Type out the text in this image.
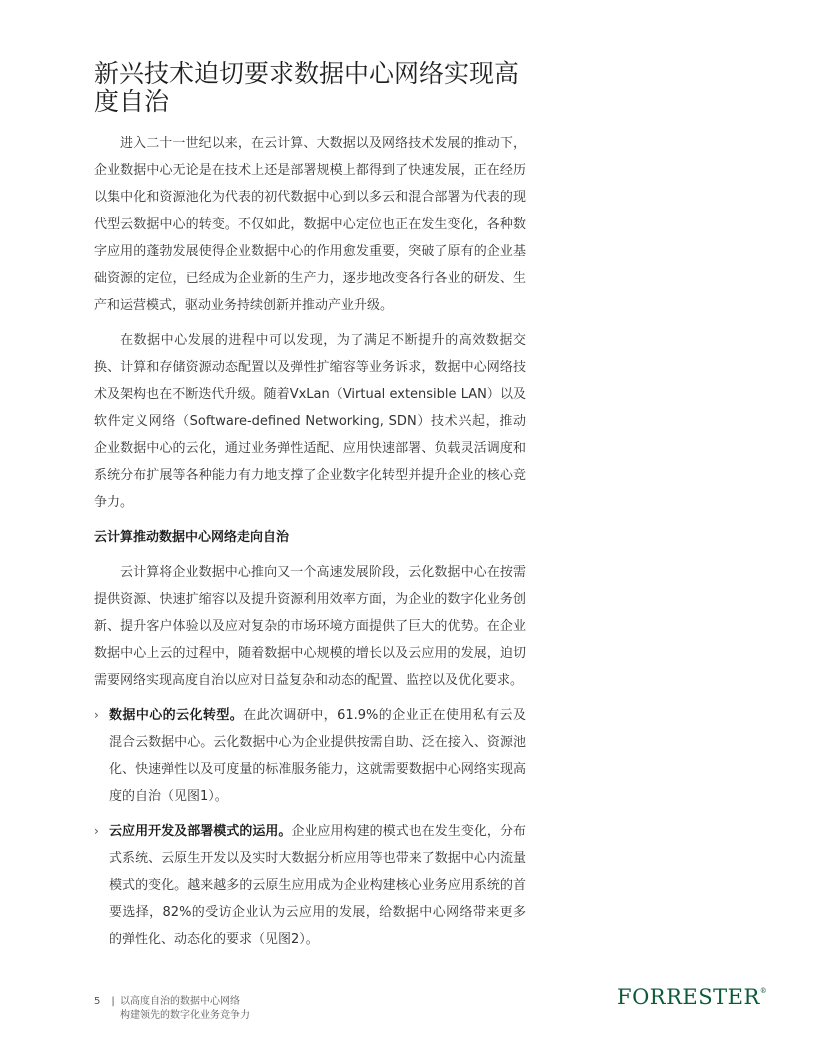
新兴技术迫切要求数据中心网络实现高度自治

进入二十一世纪以来，在云计算、大数据以及网络技术发展的推动下，企业数据中心无论是在技术上还是部署规模上都得到了快速发展，正在经历以集中化和资源池化为代表的初代数据中心到以多云和混合部署为代表的现代型云数据中心的转变。不仅如此，数据中心定位也正在发生变化，各种数字应用的蓬勃发展使得企业数据中心的作用愈发重要，突破了原有的企业基础资源的定位，已经成为企业新的生产力，逐步地改变各行各业的研发、生产和运营模式，驱动业务持续创新并推动产业升级。

在数据中心发展的进程中可以发现，为了满足不断提升的高效数据交换、计算和存储资源动态配置以及弹性扩缩容等业务诉求，数据中心网络技术及架构也在不断迭代升级。随着VxLan（Virtual extensible LAN）以及软件定义网络（Software-defined Networking, SDN）技术兴起，推动企业数据中心的云化，通过业务弹性适配、应用快速部署、负载灵活调度和系统分布扩展等各种能力有力地支撑了企业数字化转型并提升企业的核心竞争力。

云计算推动数据中心网络走向自治

云计算将企业数据中心推向又一个高速发展阶段，云化数据中心在按需提供资源、快速扩缩容以及提升资源利用效率方面，为企业的数字化业务创新、提升客户体验以及应对复杂的市场环境方面提供了巨大的优势。在企业数据中心上云的过程中，随着数据中心规模的增长以及云应用的发展，迫切需要网络实现高度自治以应对日益复杂和动态的配置、监控以及优化要求。

› 数据中心的云化转型。在此次调研中，61.9%的企业正在使用私有云及混合云数据中心。云化数据中心为企业提供按需自助、泛在接入、资源池化、快速弹性以及可度量的标准服务能力，这就需要数据中心网络实现高度的自治（见图1）。
› 云应用开发及部署模式的运用。企业应用构建的模式也在发生变化，分布式系统、云原生开发以及实时大数据分析应用等也带来了数据中心内流量模式的变化。越来越多的云原生应用成为企业构建核心业务应用系统的首要选择，82%的受访企业认为云应用的发展，给数据中心网络带来更多的弹性化、动态化的要求（见图2）。
5 | 以高度自治的数据中心网络
构建领先的数字化业务竞争力
FORRESTER®
